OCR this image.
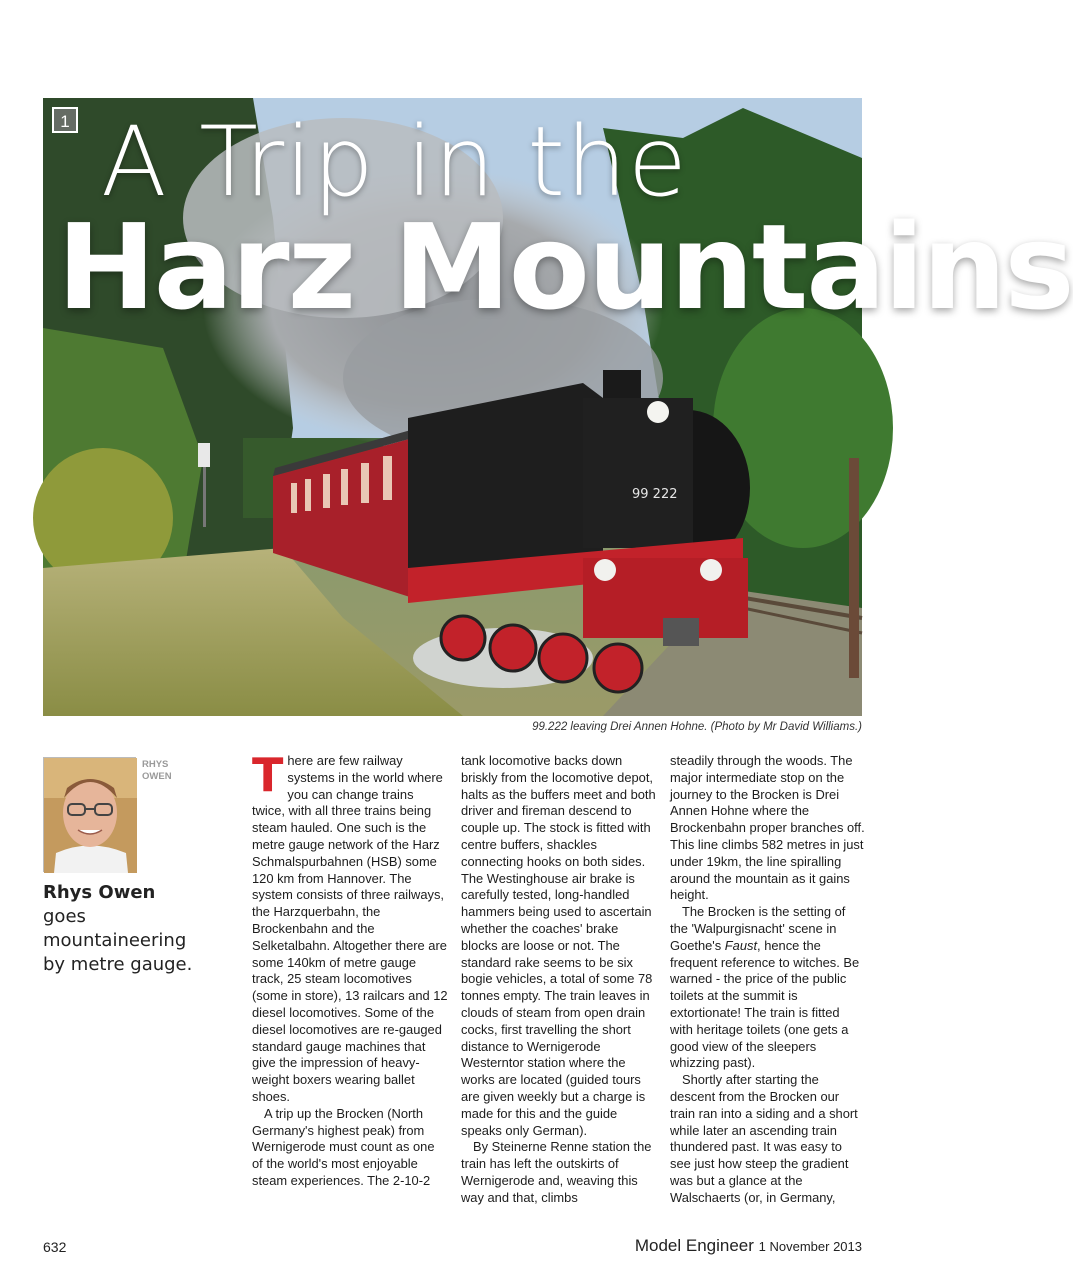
99 222
1 A Trip in the
Harz Mountains
99.222 leaving Drei Annen Hohne. (Photo by Mr David Williams.)
RHYS
OWEN
Rhys Owen goes mountaineering by metre gauge.

There are few railway systems in the world where you can change trains twice, with all three trains being steam hauled. One such is the metre gauge network of the Harz Schmalspurbahnen (HSB) some 120 km from Hannover. The system consists of three railways, the Harzquerbahn, the Brockenbahn and the Selketalbahn. Altogether there are some 140km of metre gauge track, 25 steam locomotives (some in store), 13 railcars and 12 diesel locomotives. Some of the diesel locomotives are re-gauged standard gauge machines that give the impression of heavy-weight boxers wearing ballet shoes.

A trip up the Brocken (North Germany's highest peak) from Wernigerode must count as one of the world's most enjoyable steam experiences. The 2-10-2

tank locomotive backs down briskly from the locomotive depot, halts as the buffers meet and both driver and fireman descend to couple up. The stock is fitted with centre buffers, shackles connecting hooks on both sides. The Westinghouse air brake is carefully tested, long-handled hammers being used to ascertain whether the coaches' brake blocks are loose or not. The standard rake seems to be six bogie vehicles, a total of some 78 tonnes empty. The train leaves in clouds of steam from open drain cocks, first travelling the short distance to Wernigerode Westerntor station where the works are located (guided tours are given weekly but a charge is made for this and the guide speaks only German).

By Steinerne Renne station the train has left the outskirts of Wernigerode and, weaving this way and that, climbs

steadily through the woods. The major intermediate stop on the journey to the Brocken is Drei Annen Hohne where the Brockenbahn proper branches off. This line climbs 582 metres in just under 19km, the line spiralling around the mountain as it gains height.

The Brocken is the setting of the 'Walpurgisnacht' scene in Goethe's Faust, hence the frequent reference to witches. Be warned - the price of the public toilets at the summit is extortionate! The train is fitted with heritage toilets (one gets a good view of the sleepers whizzing past).

Shortly after starting the descent from the Brocken our train ran into a siding and a short while later an ascending train thundered past. It was easy to see just how steep the gradient was but a glance at the Walschaerts (or, in Germany,

632	Model Engineer 1 November 2013
